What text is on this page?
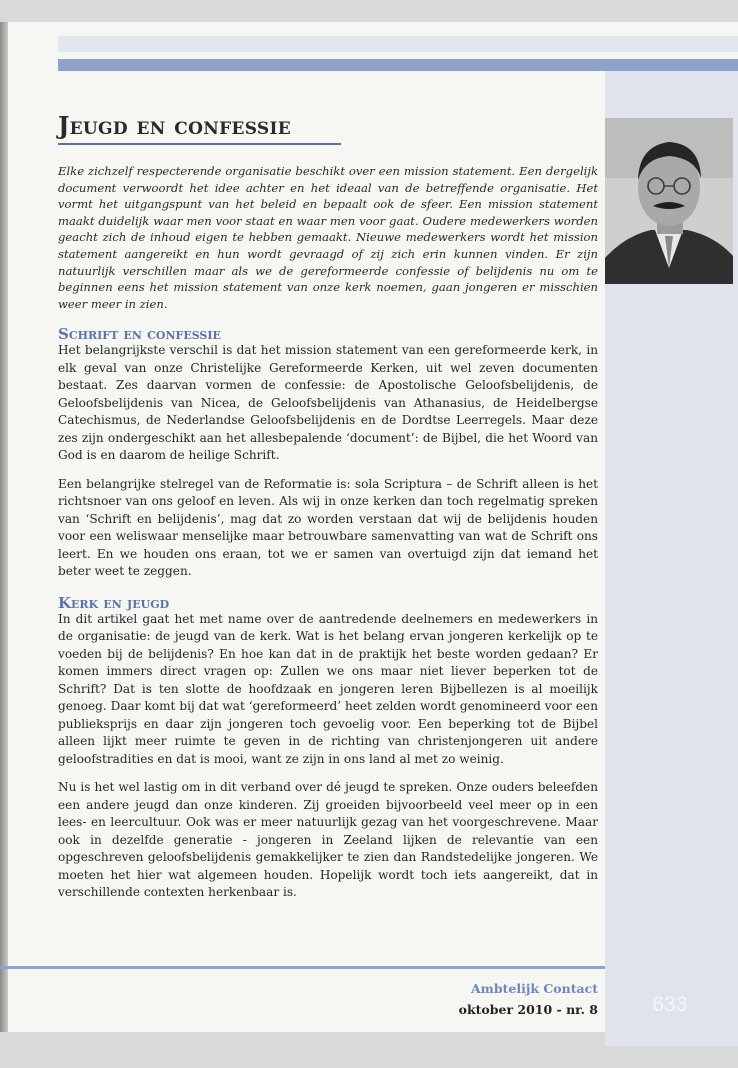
Jeugd en confessie

Elke zichzelf respecterende organisatie beschikt over een mission statement. Een dergelijk document verwoordt het idee achter en het ideaal van de betreffende organisatie. Het vormt het uitgangspunt van het beleid en bepaalt ook de sfeer. Een mission statement maakt duidelijk waar men voor staat en waar men voor gaat. Oudere medewerkers worden geacht zich de inhoud eigen te hebben gemaakt. Nieuwe medewerkers wordt het mission statement aangereikt en hun wordt gevraagd of zij zich erin kunnen vinden. Er zijn natuurlijk verschillen maar als we de gereformeerde confessie of belijdenis nu om te beginnen eens het mission statement van onze kerk noemen, gaan jongeren er misschien weer meer in zien.

Schrift en confessie

Het belangrijkste verschil is dat het mission statement van een gereformeerde kerk, in elk geval van onze Christelijke Gereformeerde Kerken, uit wel zeven documenten bestaat. Zes daarvan vormen de confessie: de Apostolische Geloofsbelijdenis, de Geloofsbelijdenis van Nicea, de Geloofsbelijdenis van Athanasius, de Heidelbergse Catechismus, de Nederlandse Geloofsbelijdenis en de Dordtse Leerregels. Maar deze zes zijn ondergeschikt aan het allesbepalende ‘document’: de Bijbel, die het Woord van God is en daarom de heilige Schrift.

Een belangrijke stelregel van de Reformatie is: sola Scriptura – de Schrift alleen is het richtsnoer van ons geloof en leven. Als wij in onze kerken dan toch regelmatig spreken van ‘Schrift en belijdenis’, mag dat zo worden verstaan dat wij de belijdenis houden voor een weliswaar menselijke maar betrouwbare samenvatting van wat de Schrift ons leert. En we houden ons eraan, tot we er samen van overtuigd zijn dat iemand het beter weet te zeggen.

Kerk en jeugd

In dit artikel gaat het met name over de aantredende deelnemers en medewerkers in de organisatie: de jeugd van de kerk. Wat is het belang ervan jongeren kerkelijk op te voeden bij de belijdenis? En hoe kan dat in de praktijk het beste worden gedaan? Er komen immers direct vragen op: Zullen we ons maar niet liever beperken tot de Schrift? Dat is ten slotte de hoofdzaak en jongeren leren Bijbellezen is al moeilijk genoeg. Daar komt bij dat wat ‘gereformeerd’ heet zelden wordt genomineerd voor een publieksprijs en daar zijn jongeren toch gevoelig voor. Een beperking tot de Bijbel alleen lijkt meer ruimte te geven in de richting van christenjongeren uit andere geloofstradities en dat is mooi, want ze zijn in ons land al met zo weinig.

Nu is het wel lastig om in dit verband over dé jeugd te spreken. Onze ouders beleefden een andere jeugd dan onze kinderen. Zij groeiden bijvoorbeeld veel meer op in een lees- en leercultuur. Ook was er meer natuurlijk gezag van het voorgeschrevene. Maar ook in dezelfde generatie - jongeren in Zeeland lijken de relevantie van een opgeschreven geloofsbelijdenis gemakkelijker te zien dan Randstedelijke jongeren. We moeten het hier wat algemeen houden. Hopelijk wordt toch iets aangereikt, dat in verschillende contexten herkenbaar is.

633
Ambtelijk Contact
oktober 2010 - nr. 8
